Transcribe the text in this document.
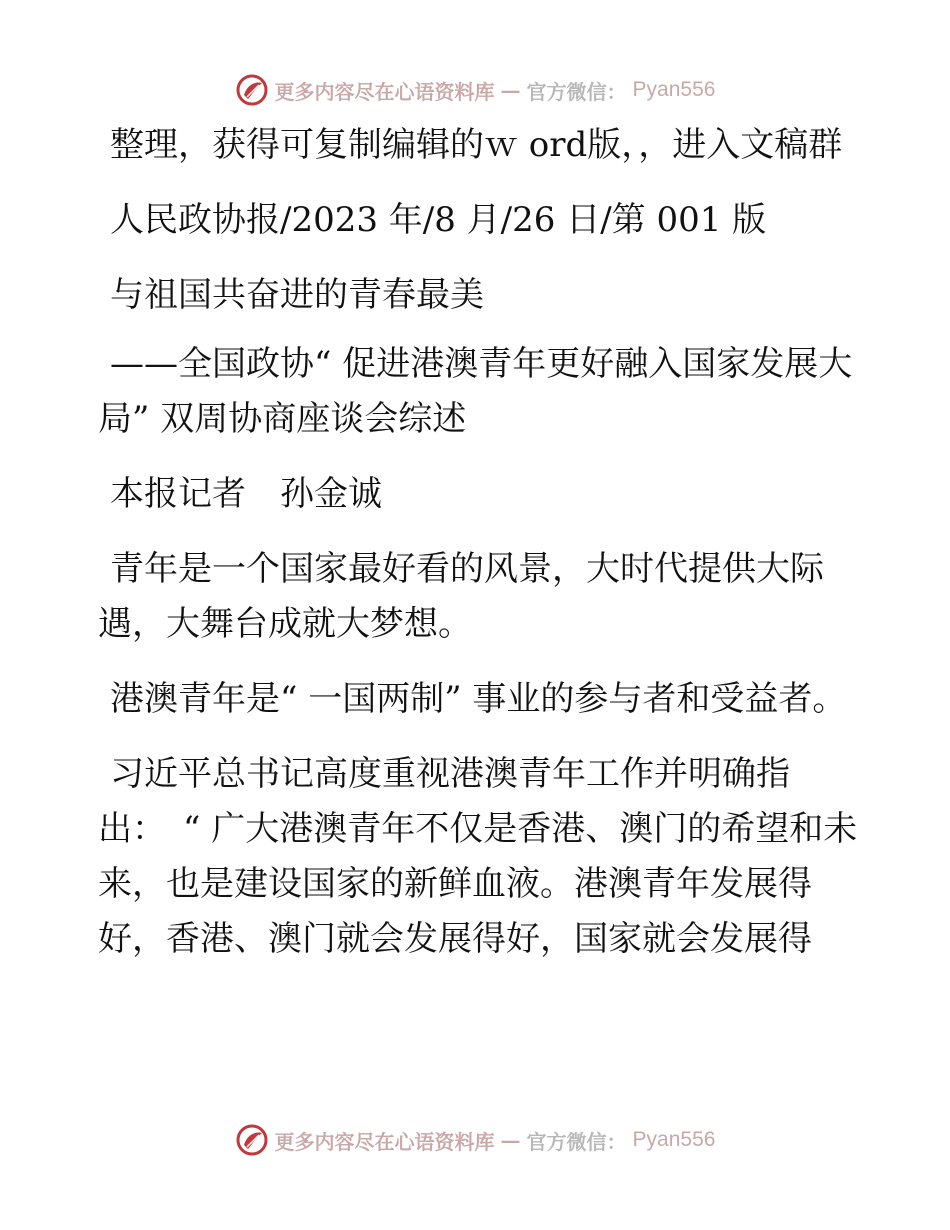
更多内容尽在心语资料库 — 官方微信： Pyan556

整理，获得可复制编辑的ｗ ord版，，进入文稿群

人民政协报/2023 年/8 月/26 日/第 001 版

与祖国共奋进的青春最美

——全国政协“ 促进港澳青年更好融入国家发展大局” 双周协商座谈会综述

本报记者　孙金诚

青年是一个国家最好看的风景，大时代提供大际遇，大舞台成就大梦想。

港澳青年是“ 一国两制” 事业的参与者和受益者。

习近平总书记高度重视港澳青年工作并明确指出：　“ 广大港澳青年不仅是香港、澳门的希望和未来，也是建设国家的新鲜血液。港澳青年发展得好，香港、澳门就会发展得好，国家就会发展得

更多内容尽在心语资料库 — 官方微信： Pyan556
